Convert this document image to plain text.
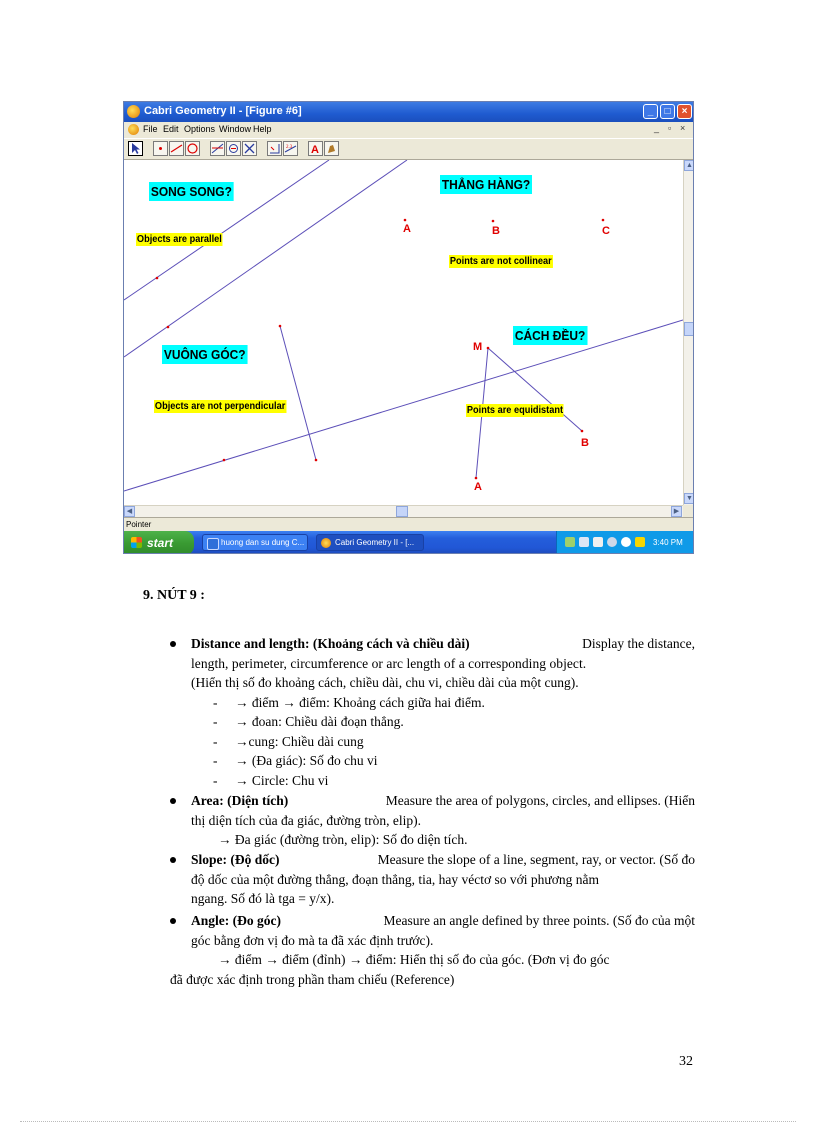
Cabri Geometry II - [Figure #6]	_	□	×
File Edit Options Window Help	_ ▫ ×
2.3 A
SONG SONG?	THẲNG HÀNG?
VUÔNG GÓC?
CÁCH ĐỀU?
Objects are parallel
Points are not collinear
Objects are not perpendicular	Points are equidistant
A	B	C
M
B
A
▲
▼
◀	▶
Pointer
start	huong dan su dung C...	Cabri Geometry II - [...	3:40 PM
9. NÚT 9 :
Distance and length: (Khoảng cách và chiều dài)	Display the distance,
length, perimeter, circumference or arc length of a corresponding object.
(Hiển thị số đo khoảng cách, chiều dài, chu vi, chiều dài của một cung).
- → điểm → điểm: Khoảng cách giữa hai điểm.
- → đoan: Chiều dài đoạn thẳng.
- →cung: Chiều dài cung
- → (Đa giác): Số đo chu vi
- → Circle: Chu vi
Area: (Diện tích)	Measure the area of polygons, circles, and ellipses. (Hiển
thị diện tích của đa giác, đường tròn, elip).
→ Đa giác (đường tròn, elip): Số đo diện tích.
Slope: (Độ dốc)	Measure the slope of a line, segment, ray, or vector. (Số đo
độ dốc của một đường thẳng, đoạn thẳng, tia, hay véctơ so với phương nằm
ngang. Số đó là tga = y/x).
Angle: (Đo góc)	Measure an angle defined by three points. (Số đo của một
góc bằng đơn vị đo mà ta đã xác định trước).
→ điểm → điểm (đỉnh) → điểm: Hiển thị số đo của góc. (Đơn vị đo góc
đã được xác định trong phần tham chiếu (Reference)
32
